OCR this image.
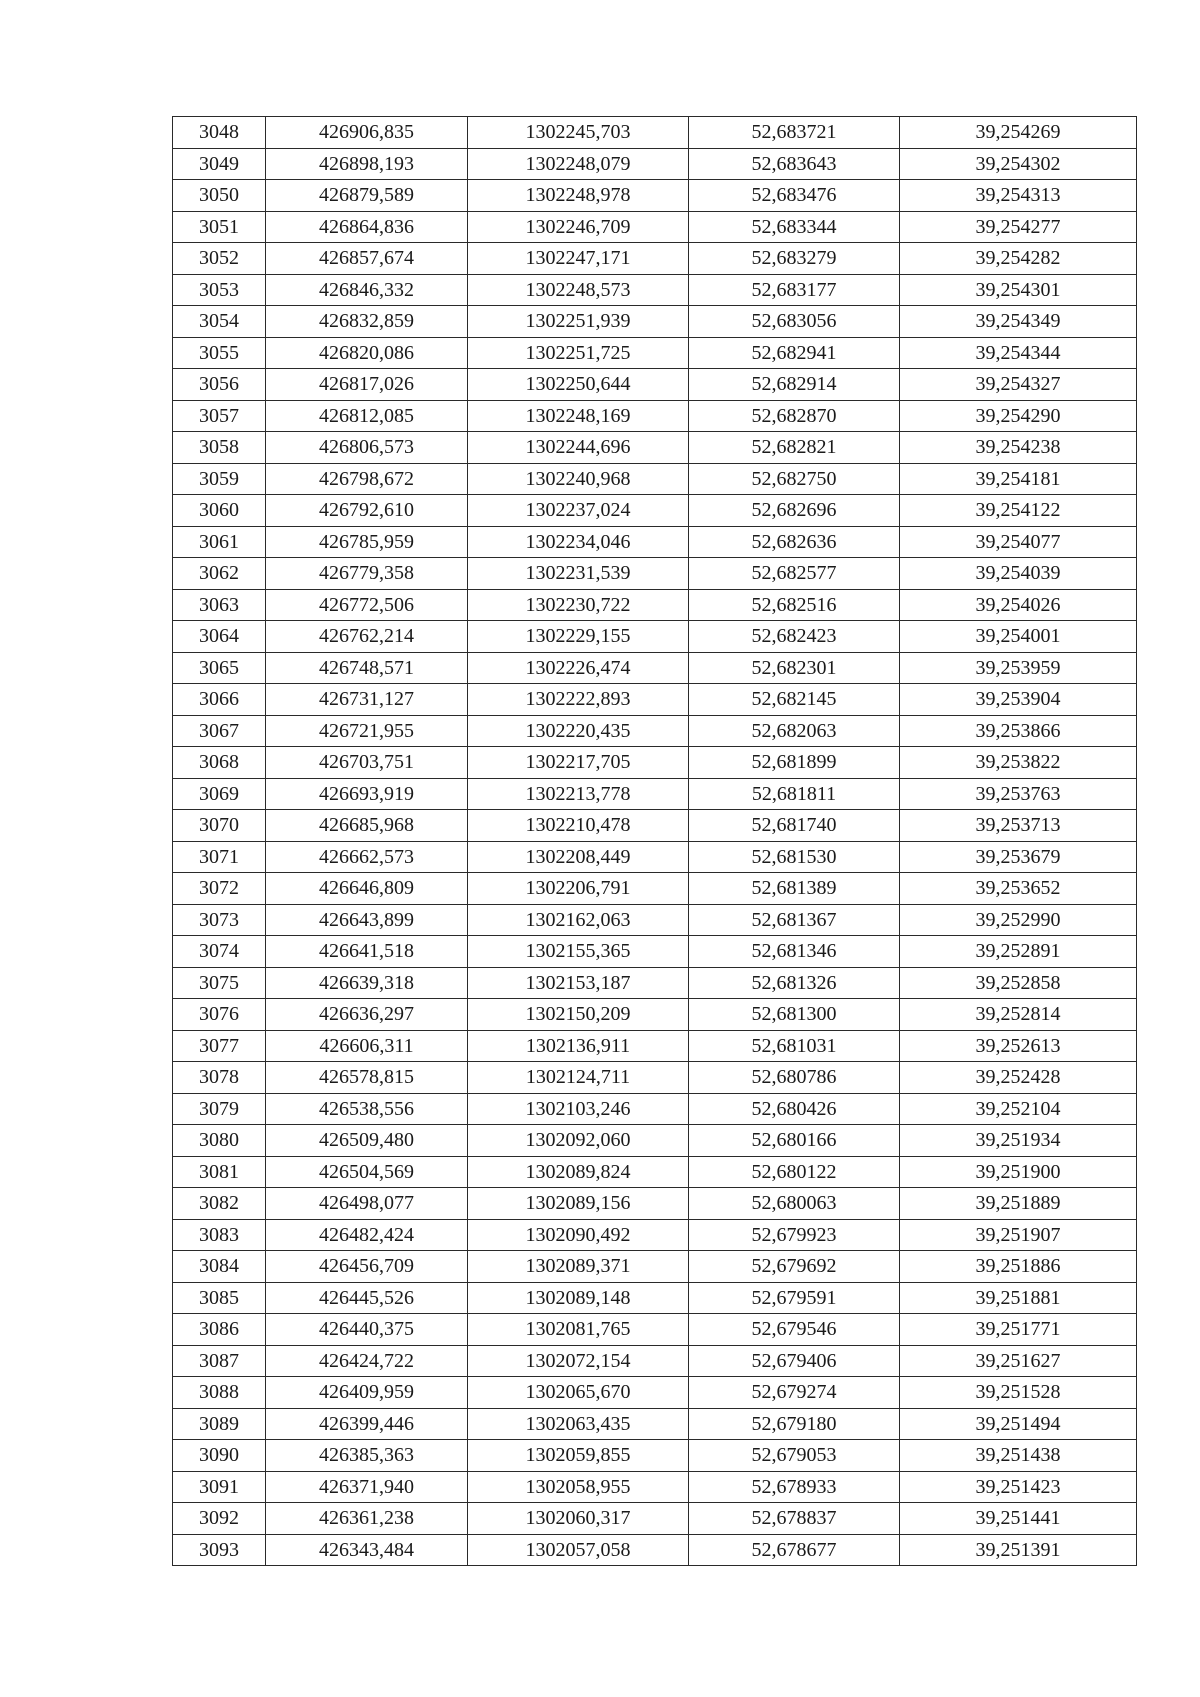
3048	426906,835	1302245,703	52,683721	39,254269
3049	426898,193	1302248,079	52,683643	39,254302
3050	426879,589	1302248,978	52,683476	39,254313
3051	426864,836	1302246,709	52,683344	39,254277
3052	426857,674	1302247,171	52,683279	39,254282
3053	426846,332	1302248,573	52,683177	39,254301
3054	426832,859	1302251,939	52,683056	39,254349
3055	426820,086	1302251,725	52,682941	39,254344
3056	426817,026	1302250,644	52,682914	39,254327
3057	426812,085	1302248,169	52,682870	39,254290
3058	426806,573	1302244,696	52,682821	39,254238
3059	426798,672	1302240,968	52,682750	39,254181
3060	426792,610	1302237,024	52,682696	39,254122
3061	426785,959	1302234,046	52,682636	39,254077
3062	426779,358	1302231,539	52,682577	39,254039
3063	426772,506	1302230,722	52,682516	39,254026
3064	426762,214	1302229,155	52,682423	39,254001
3065	426748,571	1302226,474	52,682301	39,253959
3066	426731,127	1302222,893	52,682145	39,253904
3067	426721,955	1302220,435	52,682063	39,253866
3068	426703,751	1302217,705	52,681899	39,253822
3069	426693,919	1302213,778	52,681811	39,253763
3070	426685,968	1302210,478	52,681740	39,253713
3071	426662,573	1302208,449	52,681530	39,253679
3072	426646,809	1302206,791	52,681389	39,253652
3073	426643,899	1302162,063	52,681367	39,252990
3074	426641,518	1302155,365	52,681346	39,252891
3075	426639,318	1302153,187	52,681326	39,252858
3076	426636,297	1302150,209	52,681300	39,252814
3077	426606,311	1302136,911	52,681031	39,252613
3078	426578,815	1302124,711	52,680786	39,252428
3079	426538,556	1302103,246	52,680426	39,252104
3080	426509,480	1302092,060	52,680166	39,251934
3081	426504,569	1302089,824	52,680122	39,251900
3082	426498,077	1302089,156	52,680063	39,251889
3083	426482,424	1302090,492	52,679923	39,251907
3084	426456,709	1302089,371	52,679692	39,251886
3085	426445,526	1302089,148	52,679591	39,251881
3086	426440,375	1302081,765	52,679546	39,251771
3087	426424,722	1302072,154	52,679406	39,251627
3088	426409,959	1302065,670	52,679274	39,251528
3089	426399,446	1302063,435	52,679180	39,251494
3090	426385,363	1302059,855	52,679053	39,251438
3091	426371,940	1302058,955	52,678933	39,251423
3092	426361,238	1302060,317	52,678837	39,251441
3093	426343,484	1302057,058	52,678677	39,251391
